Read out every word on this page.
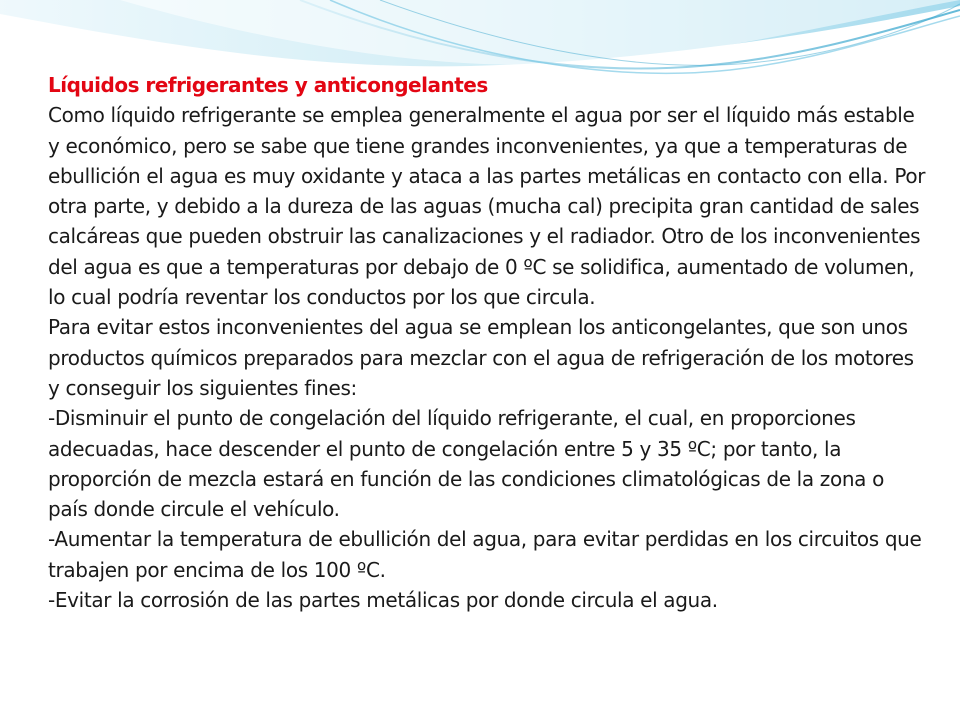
Líquidos refrigerantes y anticongelantes

Como líquido refrigerante se emplea generalmente el agua por ser el líquido más estable y económico, pero se sabe que tiene grandes inconvenientes, ya que a temperaturas de ebullición el agua es muy oxidante y ataca a las partes metálicas en contacto con ella. Por otra parte, y debido a la dureza de las aguas (mucha cal) precipita gran cantidad de sales calcáreas que pueden obstruir las canalizaciones y el radiador. Otro de los inconvenientes del agua es que a temperaturas por debajo de 0 ºC se solidifica, aumentado de volumen, lo cual podría reventar los conductos por los que circula.

Para evitar estos inconvenientes del agua se emplean los anticongelantes, que son unos productos químicos preparados para mezclar con el agua de refrigeración de los motores y conseguir los siguientes fines:

-Disminuir el punto de congelación del líquido refrigerante, el cual, en proporciones adecuadas, hace descender el punto de congelación entre 5 y 35 ºC; por tanto, la proporción de mezcla estará en función de las condiciones climatológicas de la zona o país donde circule el vehículo.

-Aumentar la temperatura de ebullición del agua, para evitar perdidas en los circuitos que trabajen por encima de los 100 ºC.

-Evitar la corrosión de las partes metálicas por donde circula el agua.
